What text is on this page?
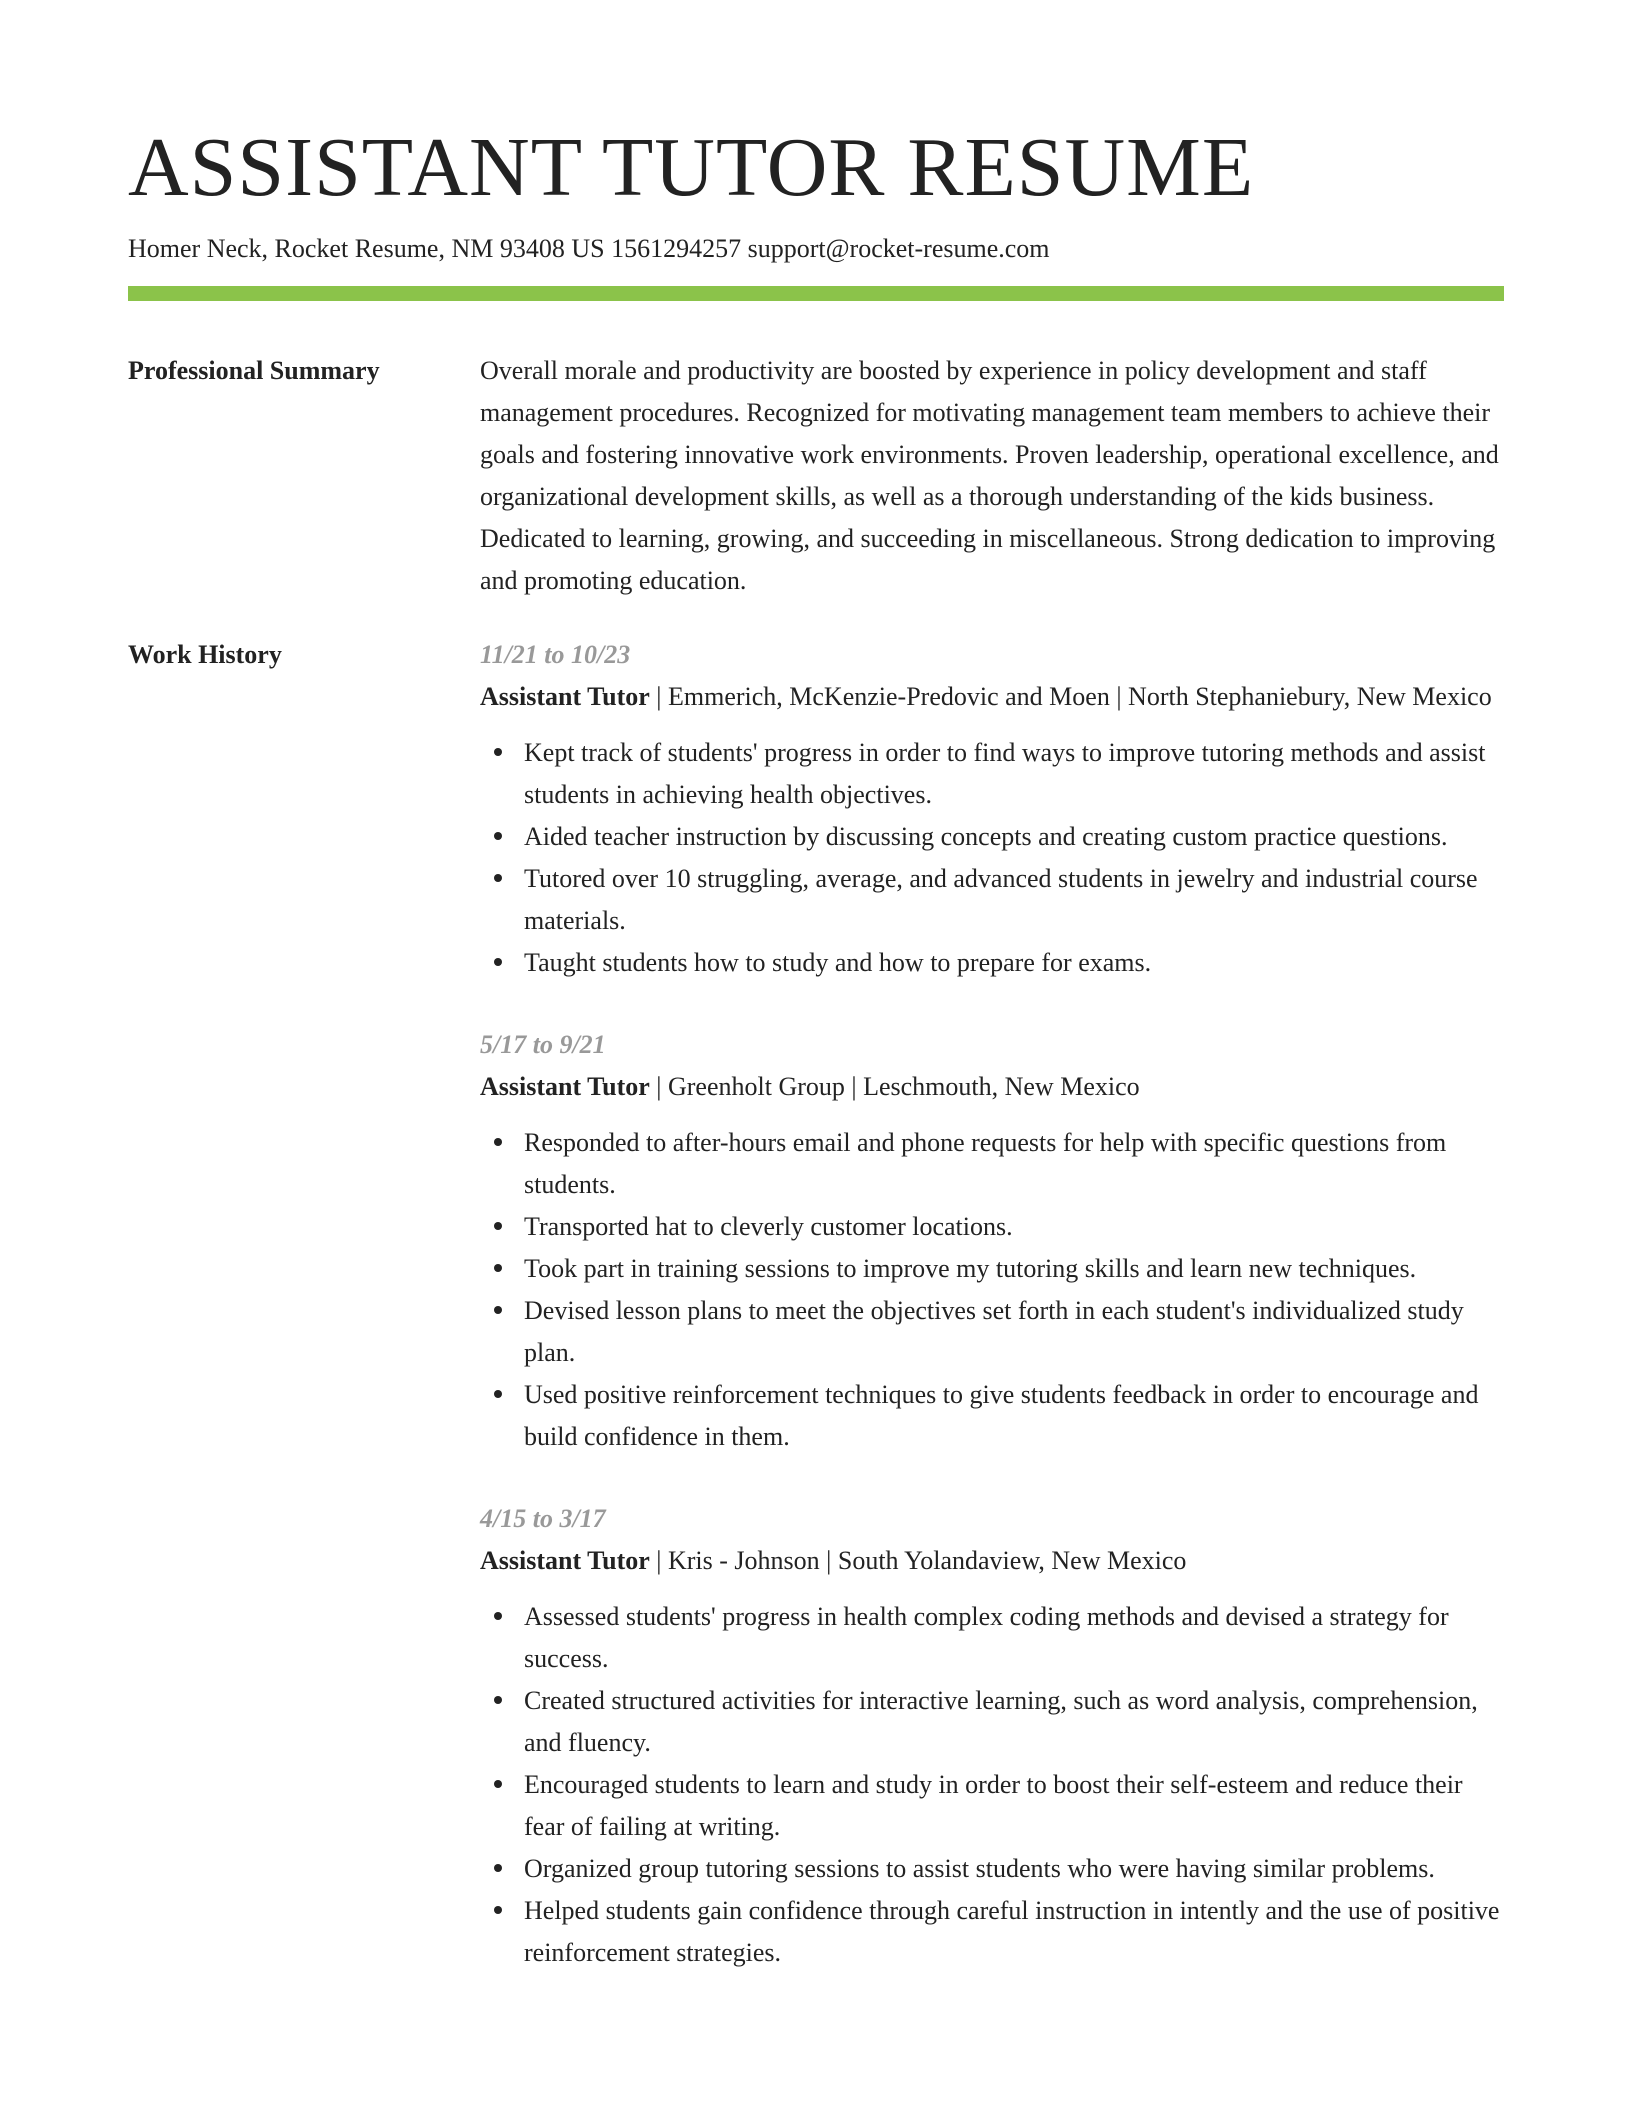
ASSISTANT TUTOR RESUME
Homer Neck, Rocket Resume, NM 93408 US 1561294257 support@rocket-resume.com
Professional Summary	Overall morale and productivity are boosted by experience in policy development and staff management procedures. Recognized for motivating management team members to achieve their goals and fostering innovative work environments. Proven leadership, operational excellence, and organizational development skills, as well as a thorough understanding of the kids business. Dedicated to learning, growing, and succeeding in miscellaneous. Strong dedication to improving and promoting education.

Work History	11/21 to 10/23

Assistant Tutor | Emmerich, McKenzie-Predovic and Moen | North Stephaniebury, New Mexico

Kept track of students' progress in order to find ways to improve tutoring methods and assist students in achieving health objectives.
Aided teacher instruction by discussing concepts and creating custom practice questions.
Tutored over 10 struggling, average, and advanced students in jewelry and industrial course materials.
Taught students how to study and how to prepare for exams.
5/17 to 9/21

Assistant Tutor | Greenholt Group | Leschmouth, New Mexico

Responded to after-hours email and phone requests for help with specific questions from students.
Transported hat to cleverly customer locations.
Took part in training sessions to improve my tutoring skills and learn new techniques.
Devised lesson plans to meet the objectives set forth in each student's individualized study plan.
Used positive reinforcement techniques to give students feedback in order to encourage and build confidence in them.
4/15 to 3/17

Assistant Tutor | Kris - Johnson | South Yolandaview, New Mexico

Assessed students' progress in health complex coding methods and devised a strategy for success.
Created structured activities for interactive learning, such as word analysis, comprehension, and fluency.
Encouraged students to learn and study in order to boost their self-esteem and reduce their fear of failing at writing.
Organized group tutoring sessions to assist students who were having similar problems.
Helped students gain confidence through careful instruction in intently and the use of positive reinforcement strategies.
